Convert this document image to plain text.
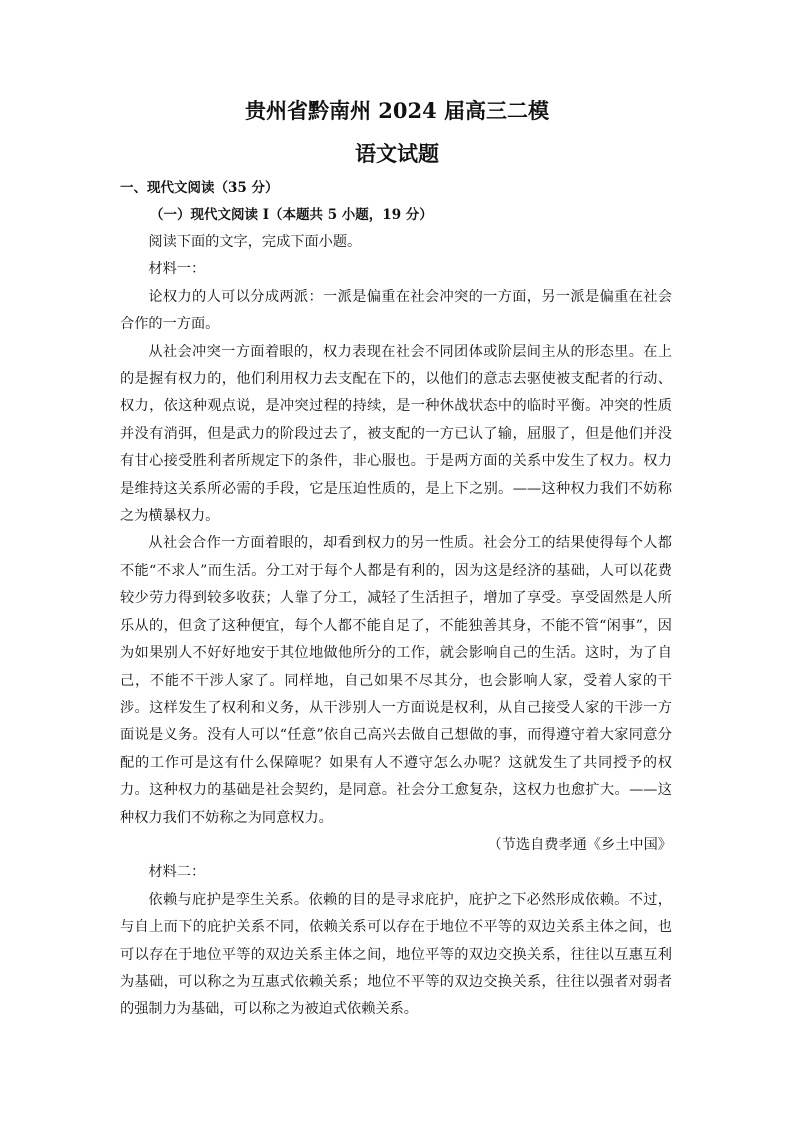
贵州省黔南州 2024 届高三二模
语文试题
一、现代文阅读（35 分）
（一）现代文阅读 I（本题共 5 小题，19 分）

阅读下面的文字，完成下面小题。

材料一：

论权力的人可以分成两派：一派是偏重在社会冲突的一方面，另一派是偏重在社会合作的一方面。

从社会冲突一方面着眼的，权力表现在社会不同团体或阶层间主从的形态里。在上的是握有权力的，他们利用权力去支配在下的，以他们的意志去驱使被支配者的行动、权力，依这种观点说，是冲突过程的持续，是一种休战状态中的临时平衡。冲突的性质并没有消弭，但是武力的阶段过去了，被支配的一方已认了输，屈服了，但是他们并没有甘心接受胜利者所规定下的条件，非心服也。于是两方面的关系中发生了权力。权力是维持这关系所必需的手段，它是压迫性质的，是上下之别。——这种权力我们不妨称之为横暴权力。

从社会合作一方面着眼的，却看到权力的另一性质。社会分工的结果使得每个人都不能“不求人”而生活。分工对于每个人都是有利的，因为这是经济的基础，人可以花费较少劳力得到较多收获；人靠了分工，减轻了生活担子，增加了享受。享受固然是人所乐从的，但贪了这种便宜，每个人都不能自足了，不能独善其身，不能不管“闲事”，因为如果别人不好好地安于其位地做他所分的工作，就会影响自己的生活。这时，为了自己，不能不干涉人家了。同样地，自己如果不尽其分，也会影响人家，受着人家的干涉。这样发生了权利和义务，从干涉别人一方面说是权利，从自己接受人家的干涉一方面说是义务。没有人可以“任意”依自己高兴去做自己想做的事，而得遵守着大家同意分配的工作可是这有什么保障呢？如果有人不遵守怎么办呢？这就发生了共同授予的权力。这种权力的基础是社会契约，是同意。社会分工愈复杂，这权力也愈扩大。——这种权力我们不妨称之为同意权力。

（节选自费孝通《乡土中国》

材料二：

依赖与庇护是孪生关系。依赖的目的是寻求庇护，庇护之下必然形成依赖。不过，与自上而下的庇护关系不同，依赖关系可以存在于地位不平等的双边关系主体之间，也可以存在于地位平等的双边关系主体之间，地位平等的双边交换关系，往往以互惠互利为基础，可以称之为互惠式依赖关系；地位不平等的双边交换关系，往往以强者对弱者的强制力为基础，可以称之为被迫式依赖关系。
